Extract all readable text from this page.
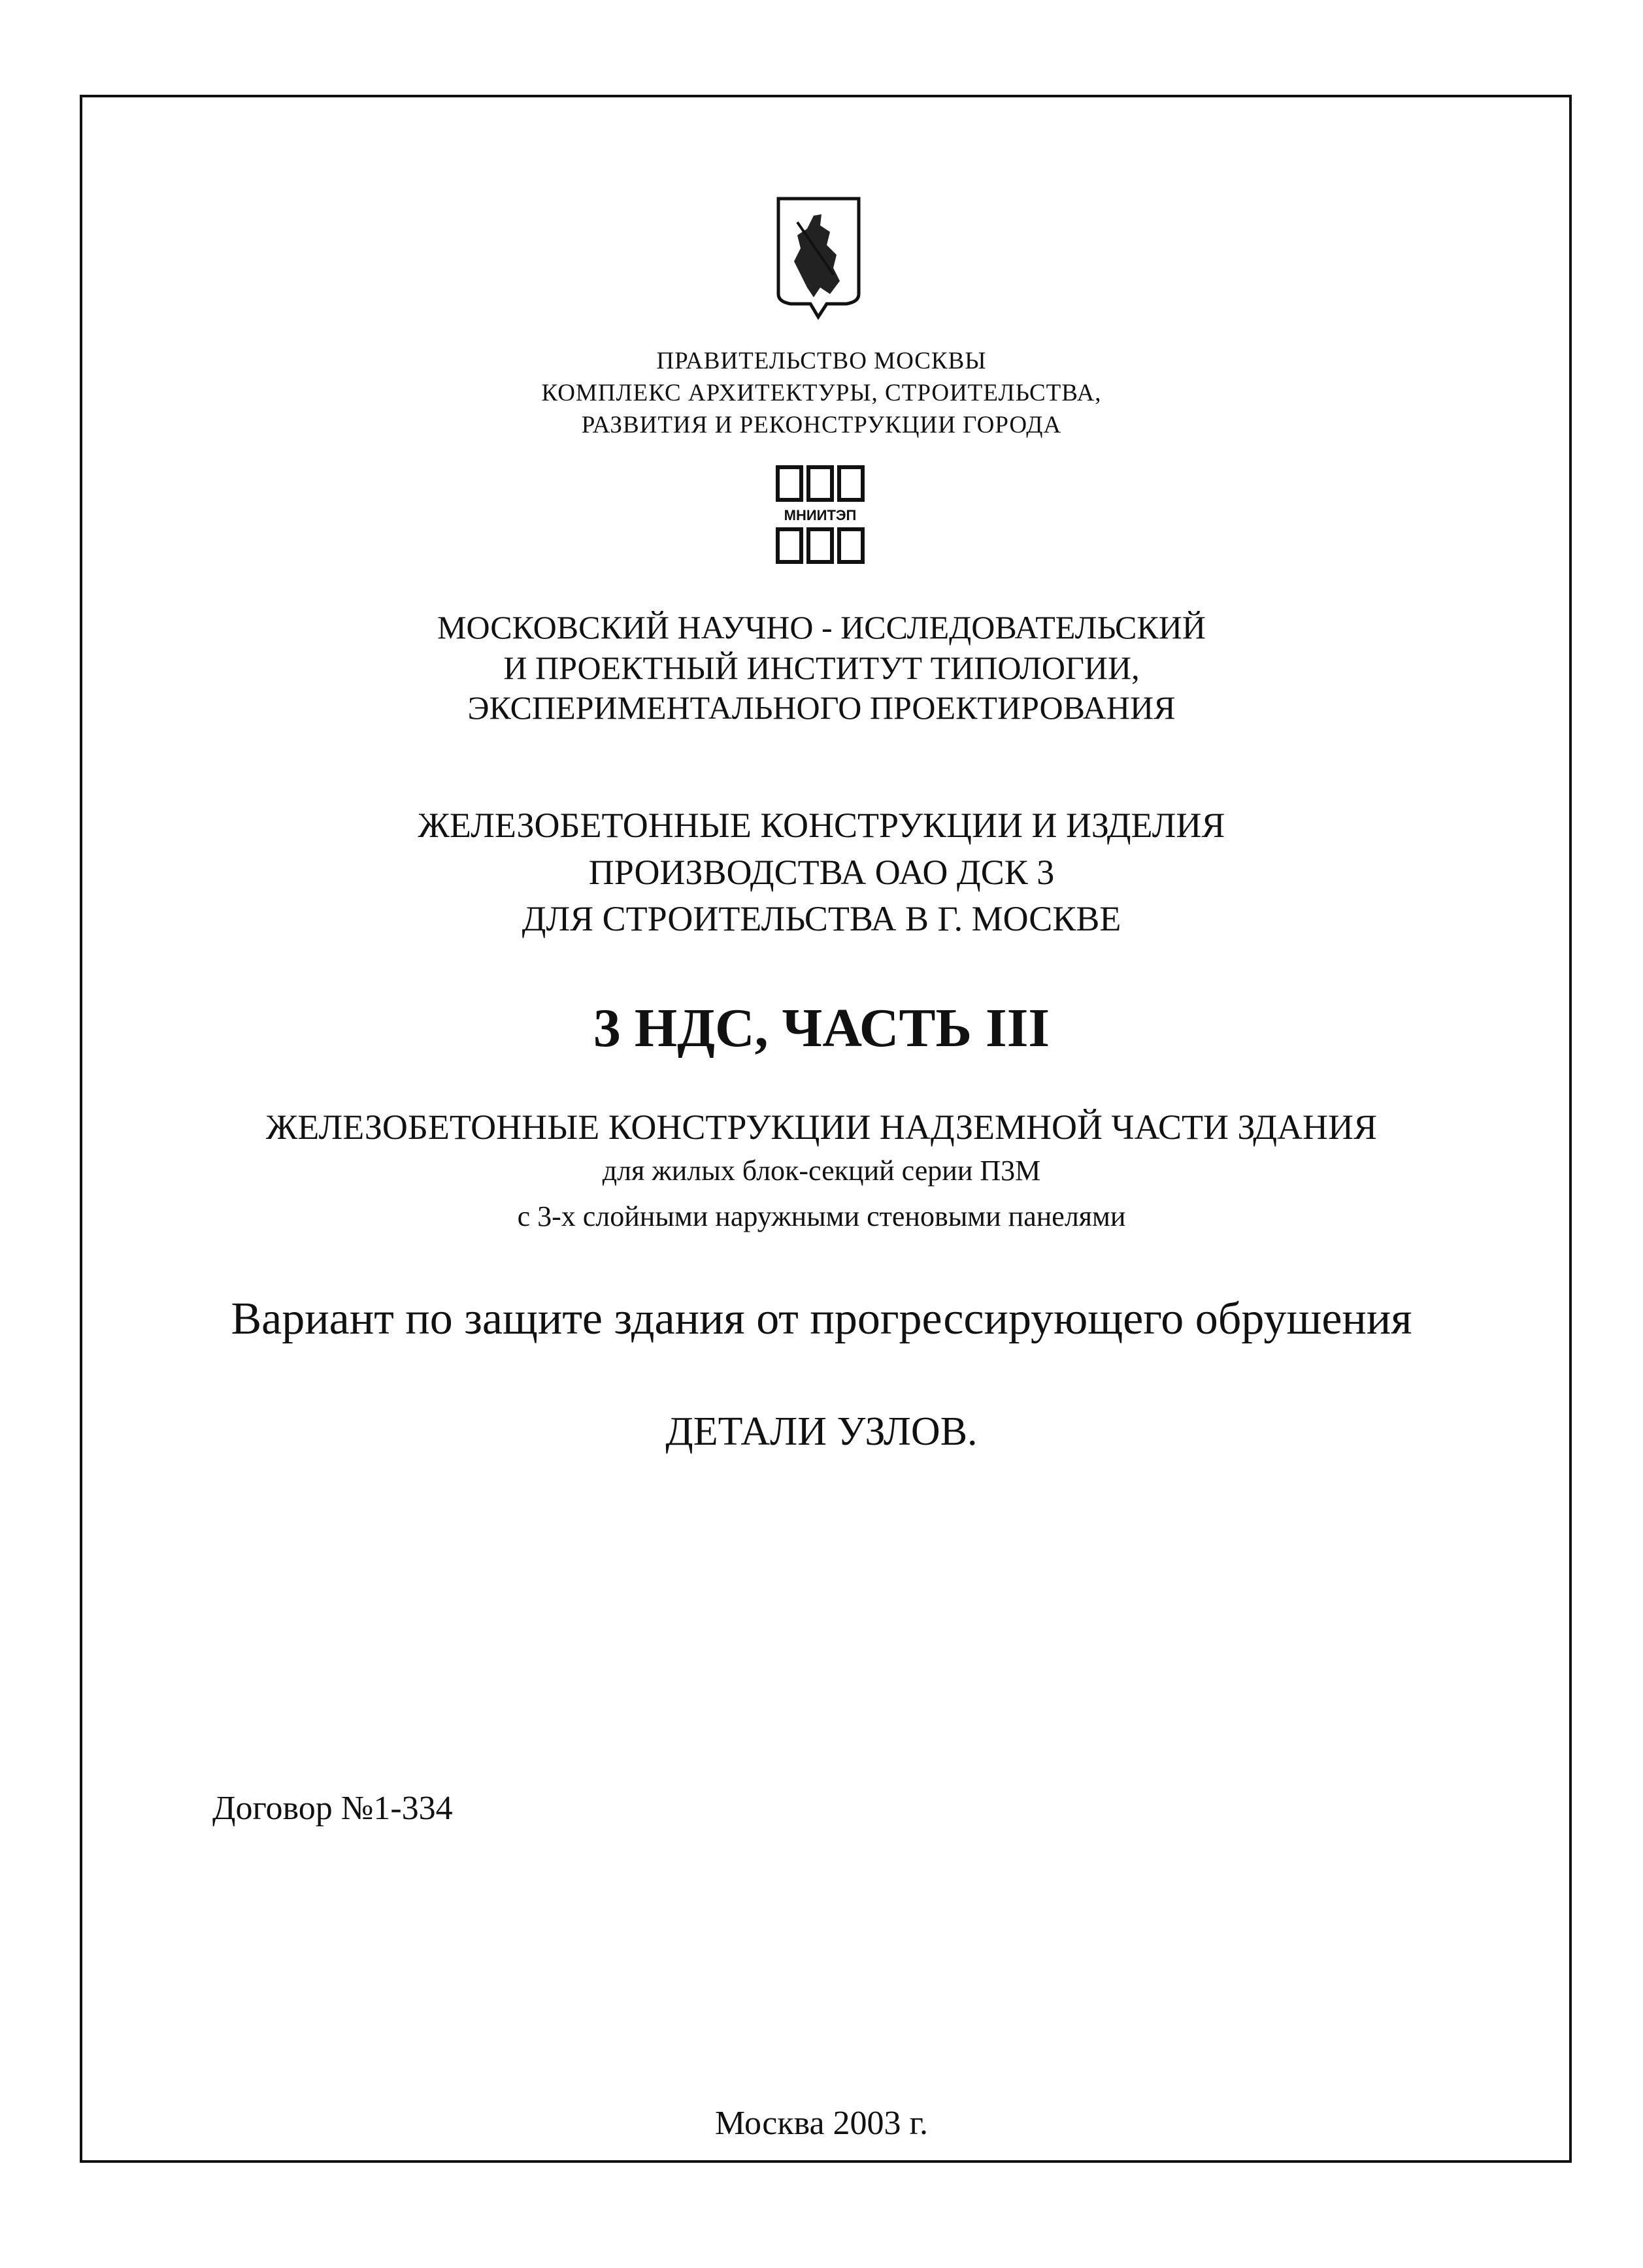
ПРАВИТЕЛЬСТВО МОСКВЫ
КОМПЛЕКС АРХИТЕКТУРЫ, СТРОИТЕЛЬСТВА,
РАЗВИТИЯ И РЕКОНСТРУКЦИИ ГОРОДА
МНИИТЭП
МОСКОВСКИЙ НАУЧНО - ИССЛЕДОВАТЕЛЬСКИЙ
И ПРОЕКТНЫЙ ИНСТИТУТ ТИПОЛОГИИ,
ЭКСПЕРИМЕНТАЛЬНОГО ПРОЕКТИРОВАНИЯ
ЖЕЛЕЗОБЕТОННЫЕ КОНСТРУКЦИИ И ИЗДЕЛИЯ
ПРОИЗВОДСТВА ОАО ДСК 3
ДЛЯ СТРОИТЕЛЬСТВА В Г. МОСКВЕ
3 НДС, ЧАСТЬ III
ЖЕЛЕЗОБЕТОННЫЕ КОНСТРУКЦИИ НАДЗЕМНОЙ ЧАСТИ ЗДАНИЯ
для жилых блок-секций серии П3М
с 3-х слойными наружными стеновыми панелями
Вариант по защите здания от прогрессирующего обрушения
ДЕТАЛИ УЗЛОВ.
Договор №1-334
Москва 2003 г.
